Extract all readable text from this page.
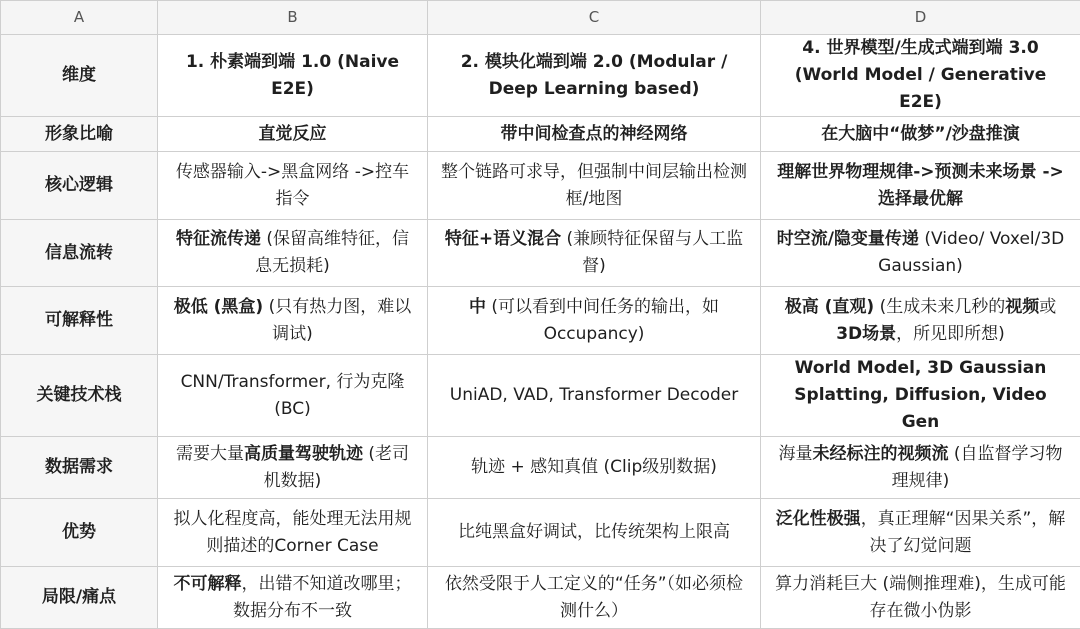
A	B	C	D
维度	1. 朴素端到端 1.0 (Naive E2E)	2. 模块化端到端 2.0 (Modular / Deep Learning based)	4. 世界模型/生成式端到端 3.0 (World Model / Generative E2E)
形象比喻	直觉反应	带中间检查点的神经网络	在大脑中“做梦”/沙盘推演
核心逻辑	传感器输入->黑盒网络 ->控车指令	整个链路可求导，但强制中间层输出检测框/地图	理解世界物理规律->预测未来场景 -> 选择最优解
信息流转	特征流传递 (保留高维特征，信息无损耗)	特征+语义混合 (兼顾特征保留与人工监督)	时空流/隐变量传递 (Video/ Voxel/3D Gaussian)
可解释性	极低 (黑盒) (只有热力图，难以调试)	中 (可以看到中间任务的输出，如Occupancy)	极高 (直观) (生成未来几秒的视频或3D场景，所见即所想)
关键技术栈	CNN/Transformer, 行为克隆 (BC)	UniAD, VAD, Transformer Decoder	World Model, 3D Gaussian Splatting, Diffusion, Video Gen
数据需求	需要大量高质量驾驶轨迹 (老司机数据)	轨迹 + 感知真值 (Clip级别数据)	海量未经标注的视频流 (自监督学习物理规律)
优势	拟人化程度高，能处理无法用规则描述的Corner Case	比纯黑盒好调试，比传统架构上限高	泛化性极强，真正理解“因果关系”，解决了幻觉问题
局限/痛点	不可解释，出错不知道改哪里；数据分布不一致	依然受限于人工定义的“任务”（如必须检测什么）	算力消耗巨大 (端侧推理难)，生成可能存在微小伪影
